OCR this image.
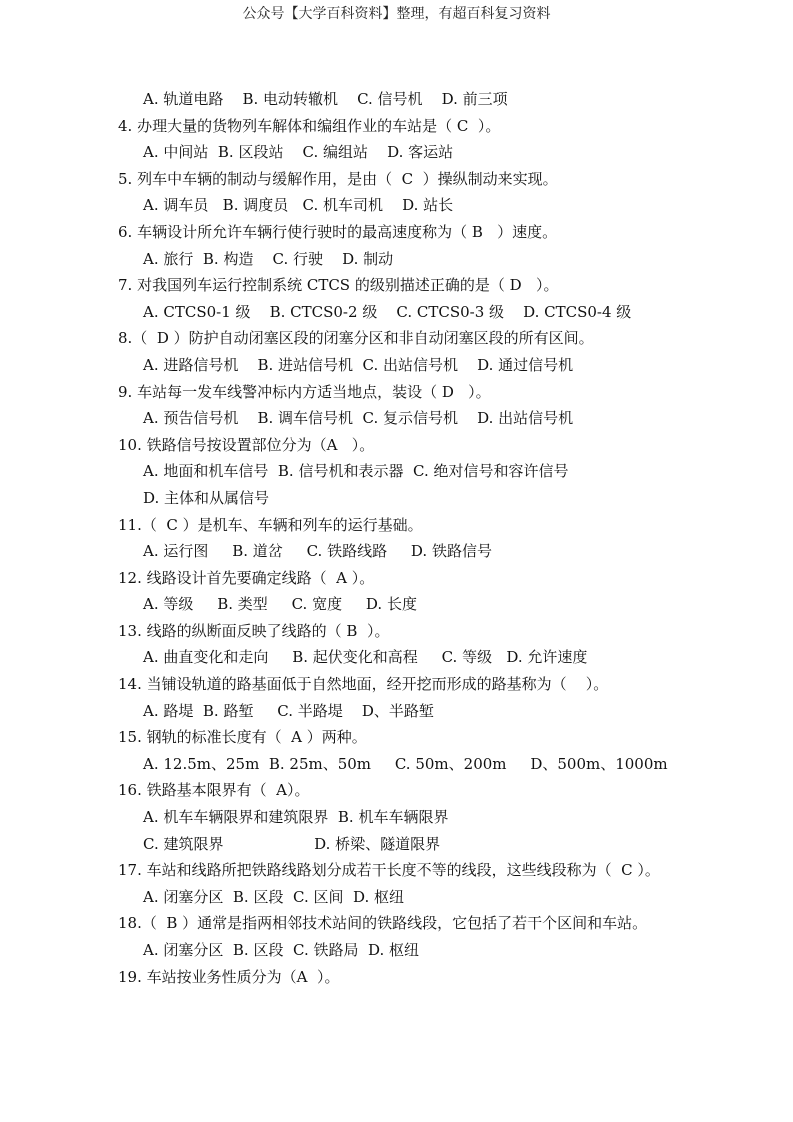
公众号【大学百科资料】整理，有超百科复习资料
A. 轨道电路    B. 电动转辙机    C. 信号机    D. 前三项
4. 办理大量的货物列车解体和编组作业的车站是（ C  ）。
A. 中间站  B. 区段站    C. 编组站    D. 客运站
5. 列车中车辆的制动与缓解作用，是由（  C  ）操纵制动来实现。
A. 调车员   B. 调度员   C. 机车司机    D. 站长
6. 车辆设计所允许车辆行使行驶时的最高速度称为（ B   ）速度。
A. 旅行  B. 构造    C. 行驶    D. 制动
7. 对我国列车运行控制系统 CTCS 的级别描述正确的是（ D   ）。
A. CTCS0-1 级    B. CTCS0-2 级    C. CTCS0-3 级    D. CTCS0-4 级
8.（  D ）防护自动闭塞区段的闭塞分区和非自动闭塞区段的所有区间。
A. 进路信号机    B. 进站信号机  C. 出站信号机    D. 通过信号机
9. 车站每一发车线警冲标内方适当地点，装设（ D   ）。
A. 预告信号机    B. 调车信号机  C. 复示信号机    D. 出站信号机
10. 铁路信号按设置部位分为（A   ）。
A. 地面和机车信号  B. 信号机和表示器  C. 绝对信号和容许信号
D. 主体和从属信号
11.（  C ）是机车、车辆和列车的运行基础。
A. 运行图     B. 道岔     C. 铁路线路     D. 铁路信号
12. 线路设计首先要确定线路（  A ）。
A. 等级     B. 类型     C. 宽度     D. 长度
13. 线路的纵断面反映了线路的（ B  ）。
A. 曲直变化和走向     B. 起伏变化和高程     C. 等级   D. 允许速度
14. 当铺设轨道的路基面低于自然地面，经开挖而形成的路基称为（    ）。
A. 路堤  B. 路堑     C. 半路堤    D、半路堑
15. 钢轨的标准长度有（  A ）两种。
A. 12.5m、25m  B. 25m、50m     C. 50m、200m     D、500m、1000m
16. 铁路基本限界有（  A）。
A. 机车车辆限界和建筑限界  B. 机车车辆限界
C. 建筑限界                   D. 桥梁、隧道限界
17. 车站和线路所把铁路线路划分成若干长度不等的线段，这些线段称为（  C ）。
A. 闭塞分区  B. 区段  C. 区间  D. 枢纽
18.（  B ）通常是指两相邻技术站间的铁路线段，它包括了若干个区间和车站。
A. 闭塞分区  B. 区段  C. 铁路局  D. 枢纽
19. 车站按业务性质分为（A  ）。
